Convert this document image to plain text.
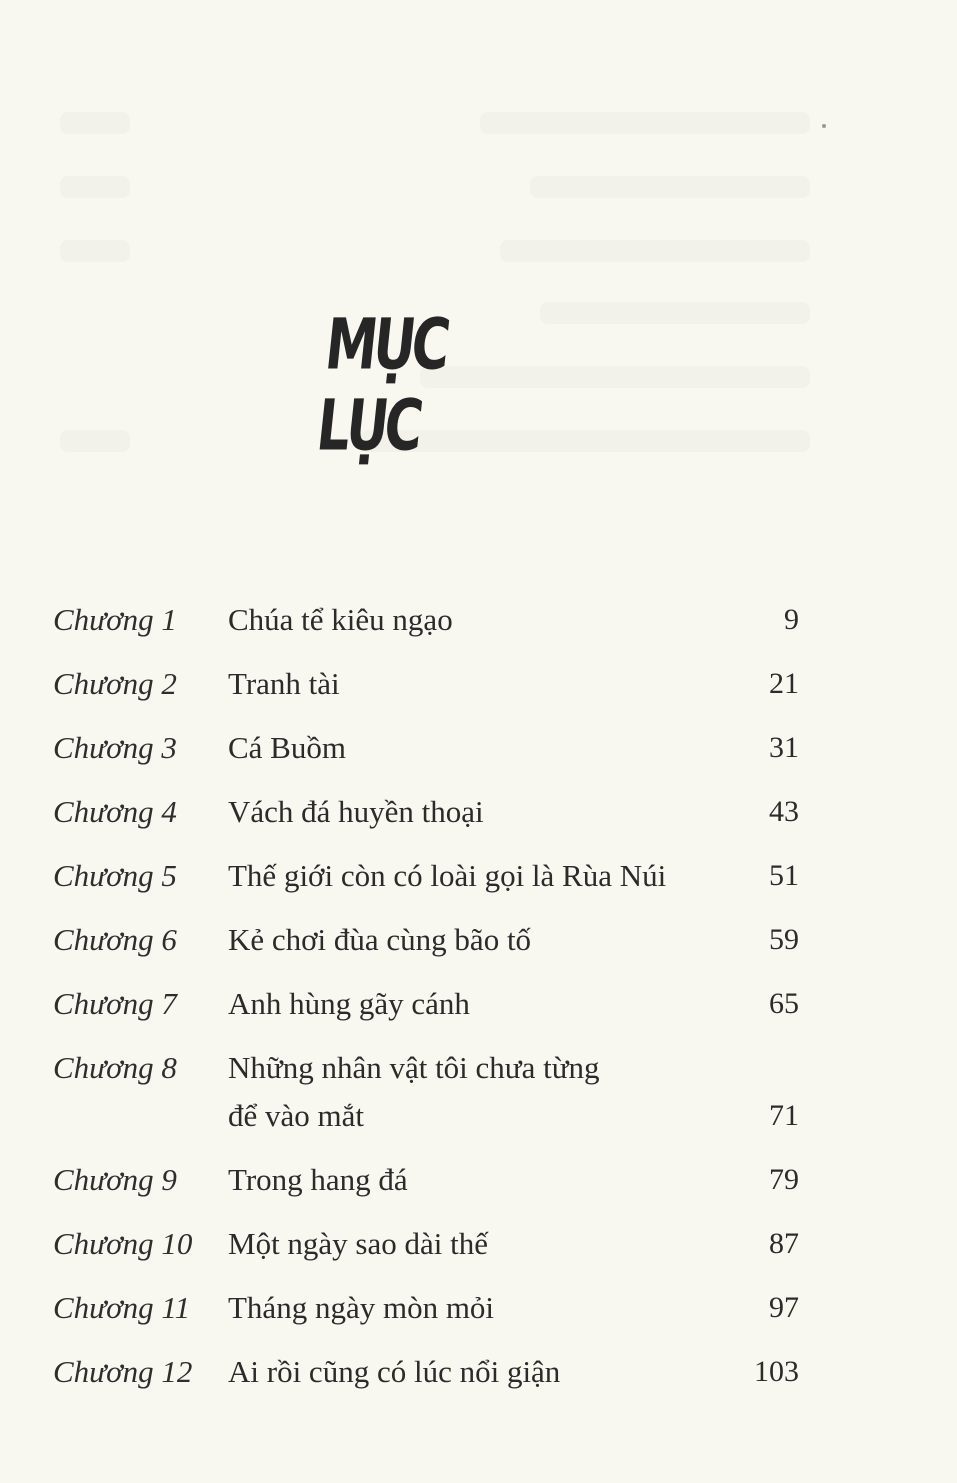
MỤC LỤC
Chương 1 Chúa tể kiêu ngạo	9
Chương 2 Tranh tài	21
Chương 3 Cá Buồm	31
Chương 4 Vách đá huyền thoại	43
Chương 5 Thế giới còn có loài gọi là Rùa Núi	51
Chương 6 Kẻ chơi đùa cùng bão tố	59
Chương 7 Anh hùng gãy cánh	65
Chương 8 Những nhân vật tôi chưa từng
để vào mắt	71
Chương 9 Trong hang đá	79
Chương 10 Một ngày sao dài thế	87
Chương 11 Tháng ngày mòn mỏi	97
Chương 12 Ai rồi cũng có lúc nổi giận	103
